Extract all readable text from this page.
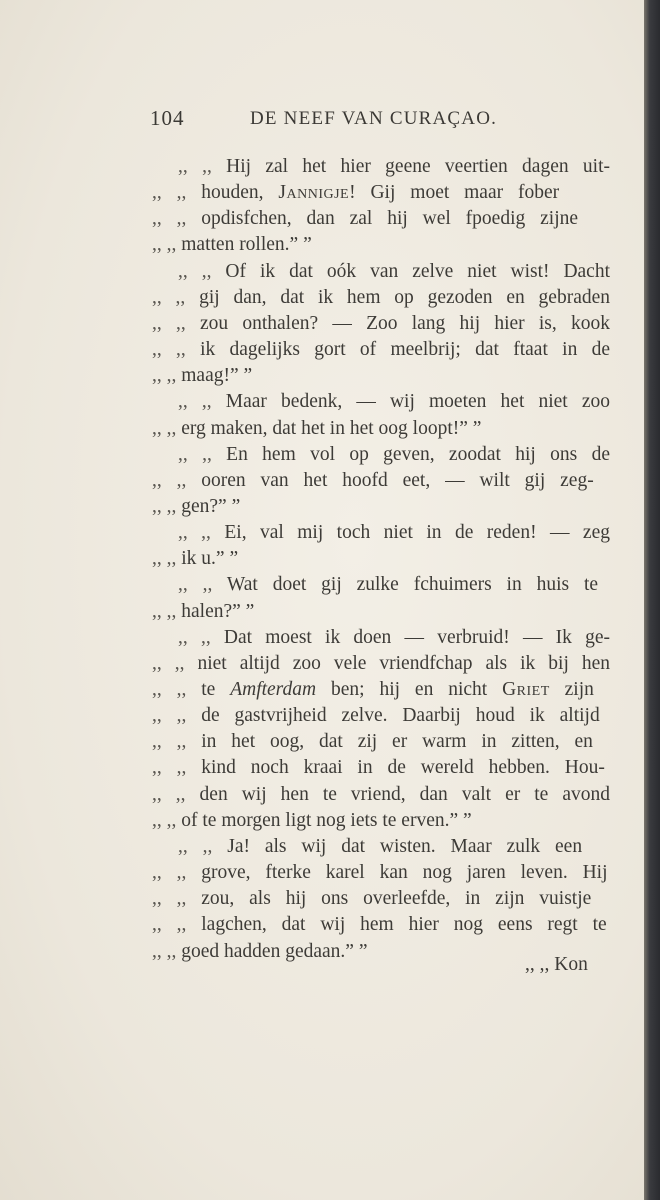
104	DE NEEF VAN CURAÇAO.
,, ,, Hij zal het hier geene veertien dagen uit-
,, ,, houden, Jannigje! Gij moet maar fober
,, ,, opdisfchen, dan zal hij wel fpoedig zijne
,, ,, matten rollen.” ”
,, ,, Of ik dat oók van zelve niet wist! Dacht
,, ,, gij dan, dat ik hem op gezoden en gebraden
,, ,, zou onthalen? — Zoo lang hij hier is, kook
,, ,, ik dagelijks gort of meelbrij; dat ftaat in de
,, ,, maag!” ”
,, ,, Maar bedenk, — wij moeten het niet zoo
,, ,, erg maken, dat het in het oog loopt!” ”
,, ,, En hem vol op geven, zoodat hij ons de
,, ,, ooren van het hoofd eet, — wilt gij zeg-
,, ,, gen?” ”
,, ,, Ei, val mij toch niet in de reden! — zeg
,, ,, ik u.” ”
,, ,, Wat doet gij zulke fchuimers in huis te
,, ,, halen?” ”
,, ,, Dat moest ik doen — verbruid! — Ik ge-
,, ,, niet altijd zoo vele vriendfchap als ik bij hen
,, ,, te Amfterdam ben; hij en nicht Griet zijn
,, ,, de gastvrijheid zelve. Daarbij houd ik altijd
,, ,, in het oog, dat zij er warm in zitten, en
,, ,, kind noch kraai in de wereld hebben. Hou-
,, ,, den wij hen te vriend, dan valt er te avond
,, ,, of te morgen ligt nog iets te erven.” ”
,, ,, Ja! als wij dat wisten. Maar zulk een
,, ,, grove, fterke karel kan nog jaren leven. Hij
,, ,, zou, als hij ons overleefde, in zijn vuistje
,, ,, lagchen, dat wij hem hier nog eens regt te
,, ,, goed hadden gedaan.” ”
,, ,, Kon
